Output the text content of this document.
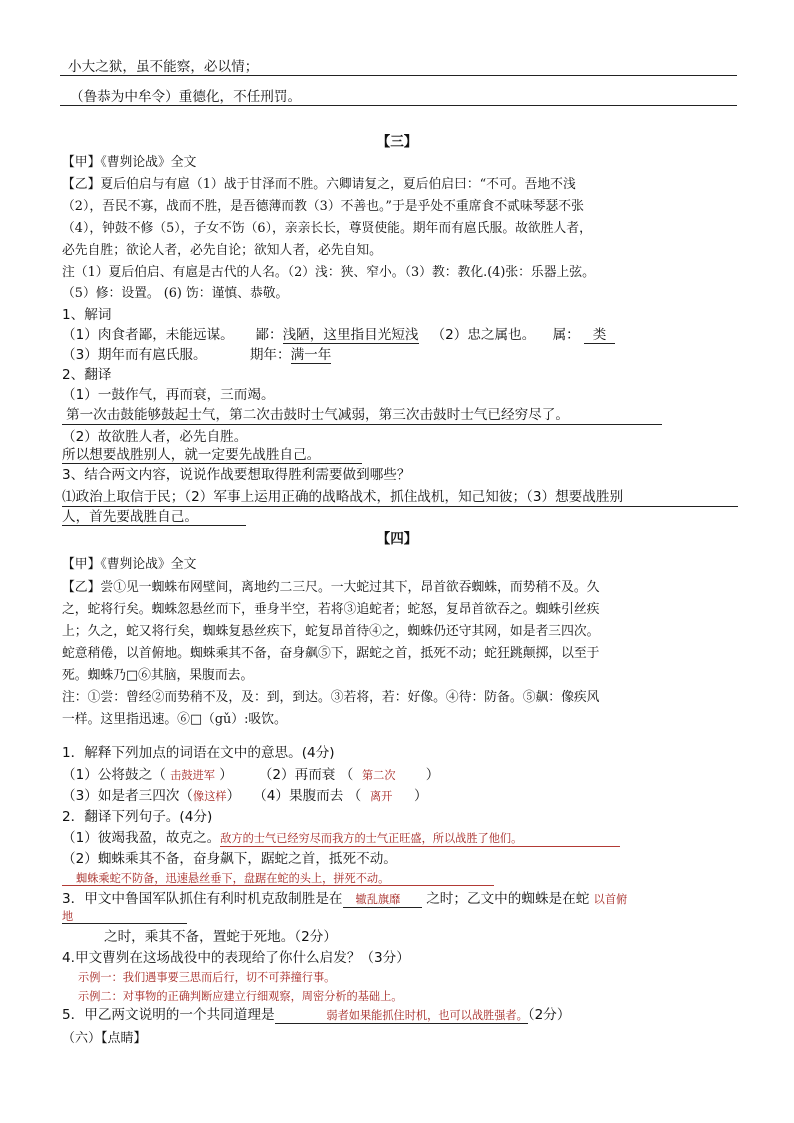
小大之狱，虽不能察，必以情；
（鲁恭为中牟令）重德化，不任刑罚。
【三】
【甲】《曹刿论战》全文
【乙】夏后伯启与有扈（1）战于甘泽而不胜。六卿请复之，夏后伯启曰：“不可。吾地不浅
（2），吾民不寡，战而不胜，是吾德薄而教（3）不善也。”于是乎处不重席食不贰味琴瑟不张
（4），钟鼓不修（5），子女不饬（6），亲亲长长，尊贤使能。期年而有扈氏服。故欲胜人者，
必先自胜；欲论人者，必先自论；欲知人者，必先自知。
注（1）夏后伯启、有扈是古代的人名。（2）浅：狭、窄小。（3）教：教化.(4)张：乐器上弦。
（5）修：设置。 (6) 饬：谨慎、恭敬。
1、解词
（1）肉食者鄙，未能远谋。 鄙：浅陋，这里指目光短浅 （2）忠之属也。 属： 类
（3）期年而有扈氏服。	期年：满一年
2、翻译
（1）一鼓作气，再而衰，三而竭。
第一次击鼓能够鼓起士气，第二次击鼓时士气减弱，第三次击鼓时士气已经穷尽了。
（2）故欲胜人者，必先自胜。
所以想要战胜别人，就一定要先战胜自己。
3、结合两文内容，说说作战要想取得胜利需要做到哪些？
⑴政治上取信于民；（2）军事上运用正确的战略战术，抓住战机，知己知彼；（3）想要战胜别
人，首先要战胜自己。
【四】
【甲】《曹刿论战》全文
【乙】尝①见一蜘蛛布网壁间，离地约二三尺。一大蛇过其下，昂首欲吞蜘蛛，而势稍不及。久
之，蛇将行矣。蜘蛛忽悬丝而下，垂身半空，若将③追蛇者；蛇怒，复昂首欲吞之。蜘蛛引丝疾
上；久之，蛇又将行矣，蜘蛛复悬丝疾下，蛇复昂首待④之，蜘蛛仍还守其网，如是者三四次。
蛇意稍倦，以首俯地。蜘蛛乘其不备，奋身飙⑤下，踞蛇之首，抵死不动；蛇狂跳颠掷，以至于
死。蜘蛛乃□⑥其脑，果腹而去。
注：①尝：曾经②而势稍不及，及：到，到达。③若将，若：好像。④待：防备。⑤飙：像疾风
一样。这里指迅速。⑥□（gǔ）:吸饮。
1．解释下列加点的词语在文中的意思。(4分)
（1）公将鼓之（ 击鼓进军 ） （2）再而衰 （ 第二次 ）
（3）如是者三四次（像这样） （4）果腹而去 （ 离开 ）
2．翻译下列句子。(4分)
（1）彼竭我盈，故克之。敌方的士气已经穷尽而我方的士气正旺盛，所以战胜了他们。
（2）蜘蛛乘其不备，奋身飙下，踞蛇之首，抵死不动。
蜘蛛乘蛇不防备，迅速悬丝垂下，盘踞在蛇的头上，拼死不动。
3．甲文中鲁国军队抓住有利时机克敌制胜是在 辙乱旗靡 之时；乙文中的蜘蛛是在蛇 以首俯
地
之时，乘其不备，置蛇于死地。（2分）
4.甲文曹刿在这场战役中的表现给了你什么启发？（3分）
示例一：我们遇事要三思而后行，切不可莽撞行事。
示例二：对事物的正确判断应建立行细观察，周密分析的基础上。
5．甲乙两文说明的一个共同道理是	弱者如果能抓住时机，也可以战胜强者。（2分）
（六）【点睛】
